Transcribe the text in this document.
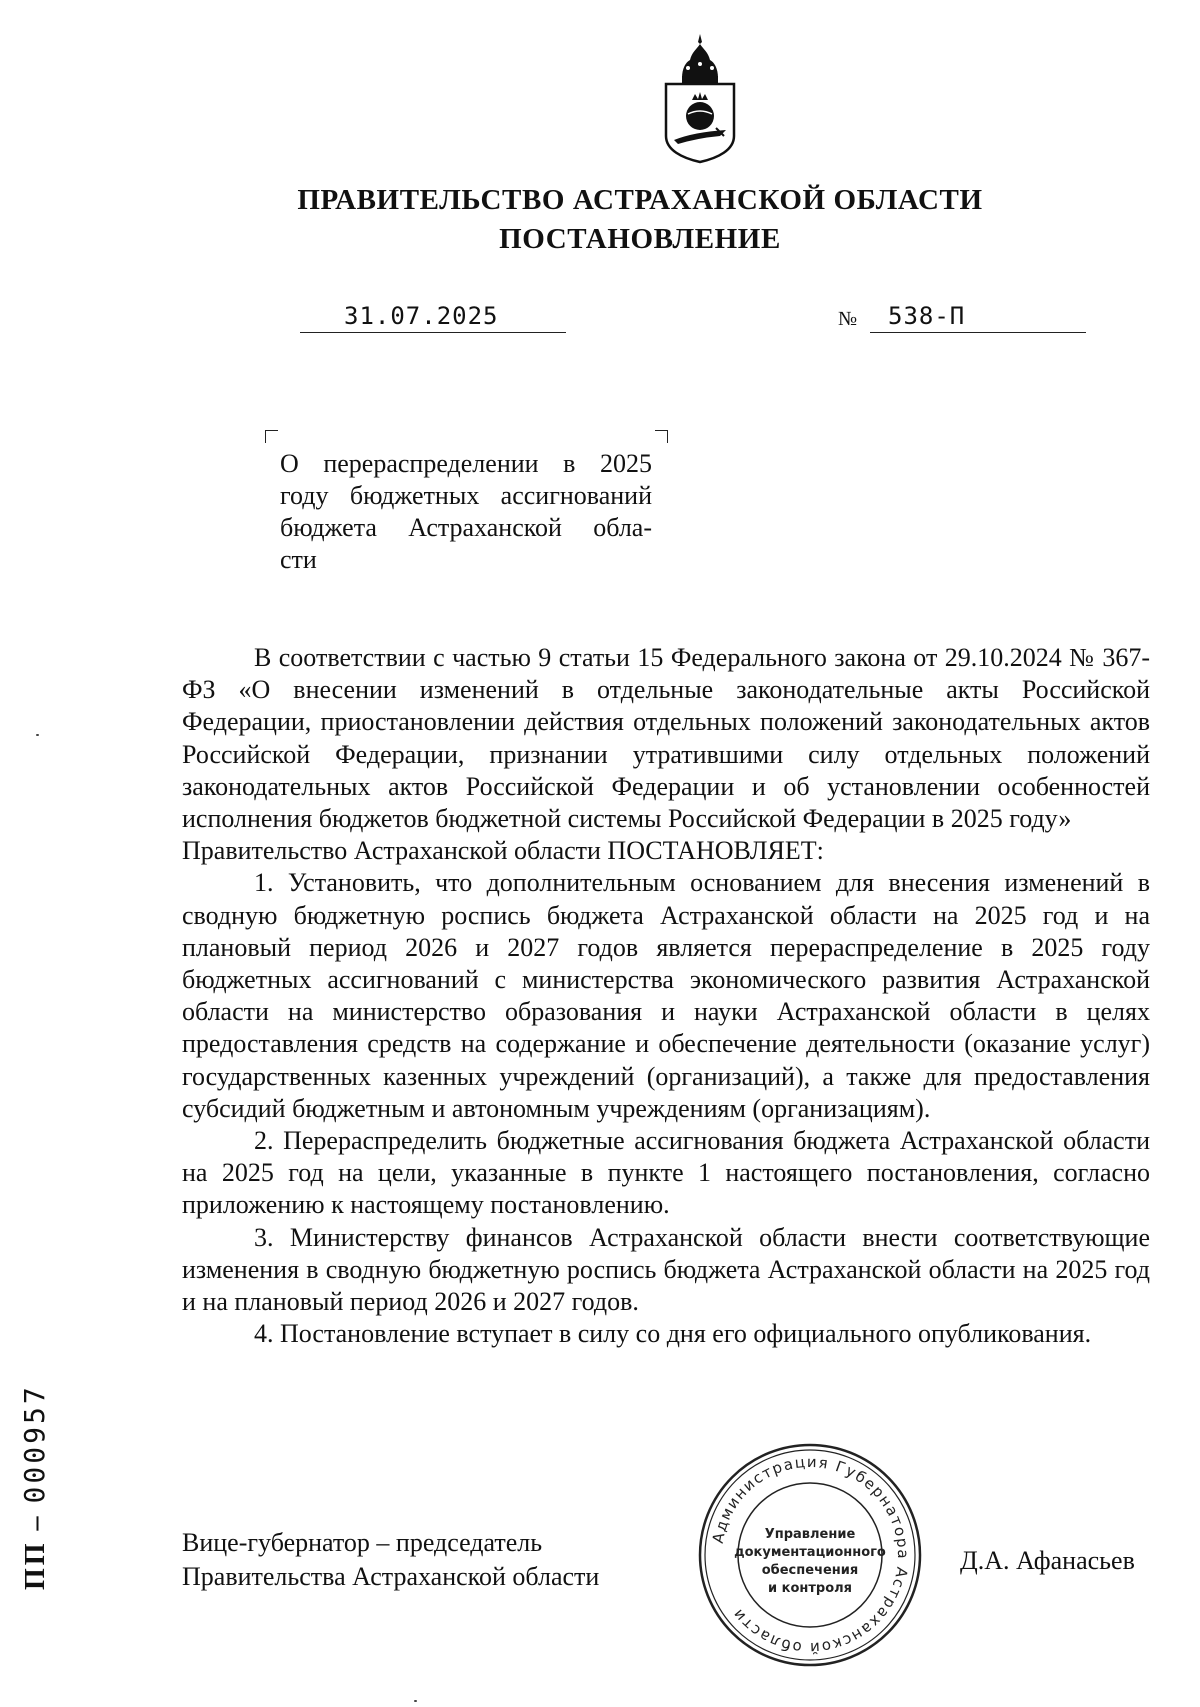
ПРАВИТЕЛЬСТВО АСТРАХАНСКОЙ ОБЛАСТИ
ПОСТАНОВЛЕНИЕ
31.07.2025	№ 538-П
О перераспределении в 2025
году бюджетных ассигнований
бюджета Астраханской обла-
сти

В соответствии с частью 9 статьи 15 Федерального закона от 29.10.2024 № 367-ФЗ «О внесении изменений в отдельные законодательные акты Российской Федерации, приостановлении действия отдельных положений законодательных актов Российской Федерации, признании утратившими силу отдельных положений законодательных актов Российской Федерации и об установлении особенностей исполнения бюджетов бюджетной системы Российской Федерации в 2025 году»

Правительство Астраханской области ПОСТАНОВЛЯЕТ:

1. Установить, что дополнительным основанием для внесения изменений в сводную бюджетную роспись бюджета Астраханской области на 2025 год и на плановый период 2026 и 2027 годов является перераспределение в 2025 году бюджетных ассигнований с министерства экономического развития Астраханской области на министерство образования и науки Астраханской области в целях предоставления средств на содержание и обеспечение деятельности (оказание услуг) государственных казенных учреждений (организаций), а также для предоставления субсидий бюджетным и автономным учреждениям (организациям).

2. Перераспределить бюджетные ассигнования бюджета Астраханской области на 2025 год на цели, указанные в пункте 1 настоящего постановления, согласно приложению к настоящему постановлению.

3. Министерству финансов Астраханской области внести соответствующие изменения в сводную бюджетную роспись бюджета Астраханской области на 2025 год и на плановый период 2026 и 2027 годов.

4. Постановление вступает в силу со дня его официального опубликования.

Вице-губернатор – председатель
Правительства Астраханской области
Д.А. Афанасьев
Администрация Губернатора Астраханской области
Управление
документационного
обеспечения
и контроля
ПП – 000957
